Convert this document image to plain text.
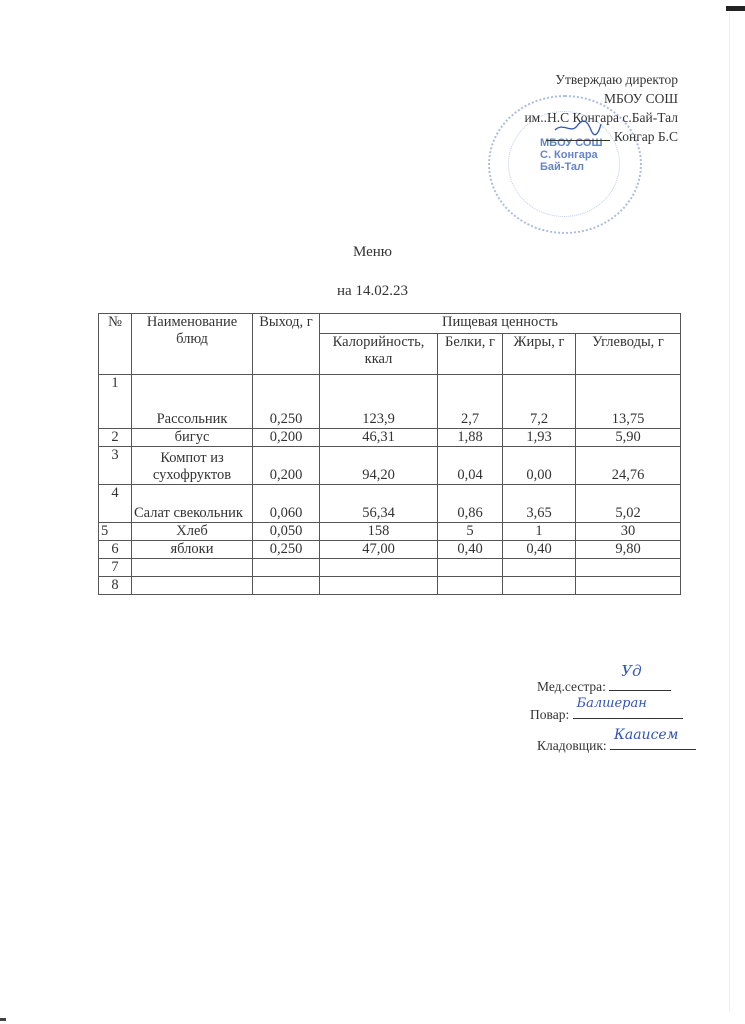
МБОУ СОШ
С. Конгара
Бай-Тал
Утверждаю директор
МБОУ СОШ
им..Н.С Конгара с.Бай-Тал
Конгар Б.С
Меню
на 14.02.23
№	Наименование блюд	Выход, г	Пищевая ценность			
			Калорийность, ккал	Белки, г	Жиры, г	Углеводы, г
1	Рассольник	0,250	123,9	2,7	7,2	13,75
2	бигус	0,200	46,31	1,88	1,93	5,90
3	Компот из сухофруктов	0,200	94,20	0,04	0,00	24,76
4	Салат свекольник	0,060	56,34	0,86	3,65	5,02
5	Хлеб	0,050	158	5	1	30
6	яблоки	0,250	47,00	0,40	0,40	9,80
7						
8						
Мед.сестра:
Уд
Повар:
Балшеран
Кладовщик:
Кааисем
